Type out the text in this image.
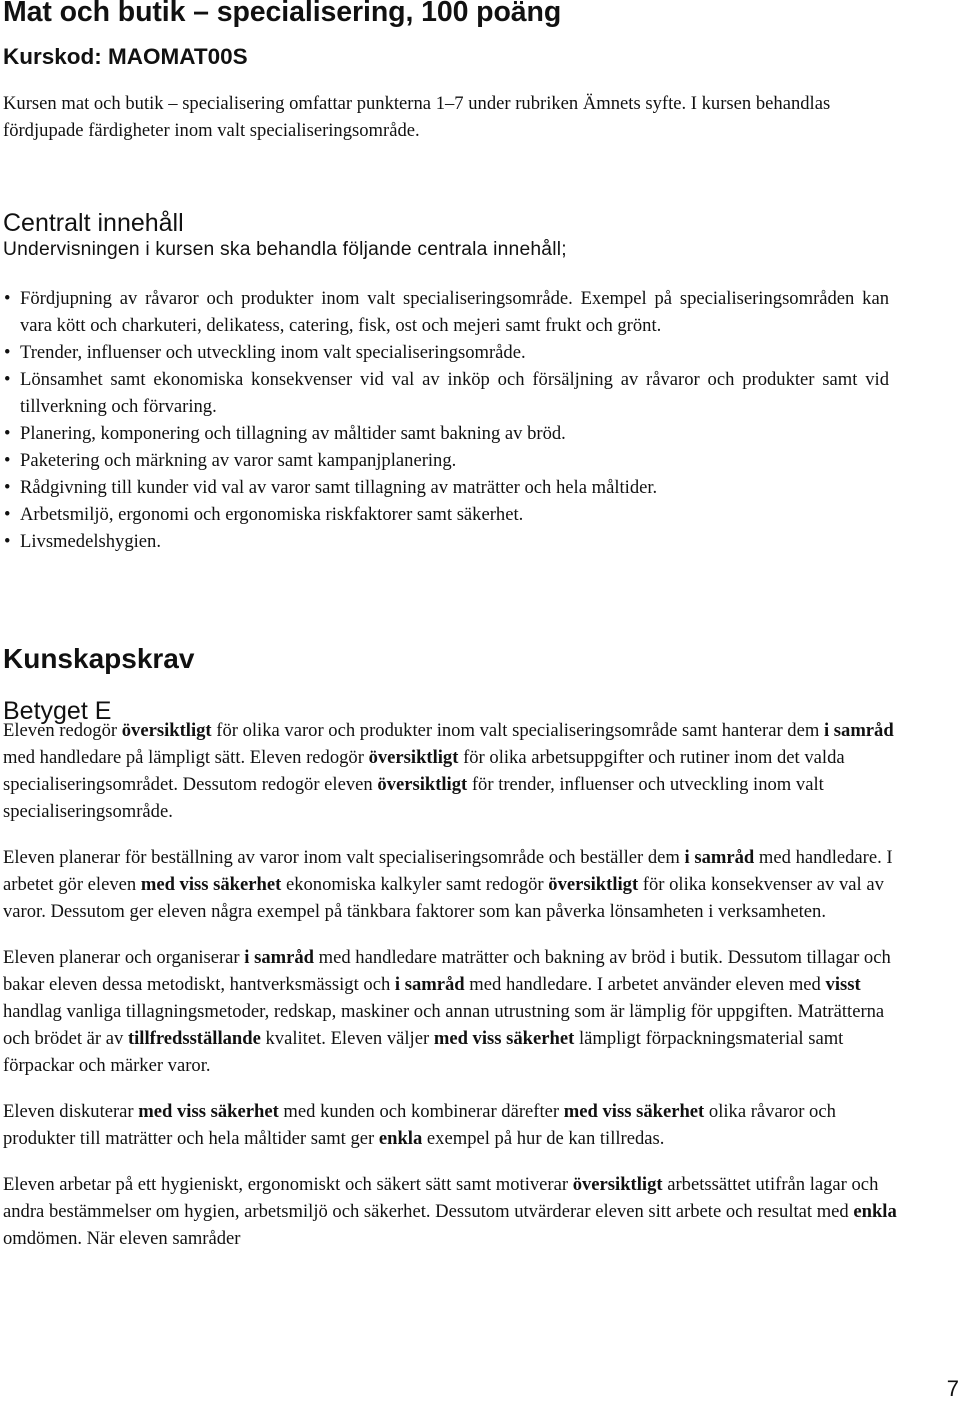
Mat och butik – specialisering, 100 poäng
Kurskod: MAOMAT00S
Kursen mat och butik – specialisering omfattar punkterna 1–7 under rubriken Ämnets syfte. I kursen behandlas fördjupade färdigheter inom valt specialiseringsområde.
Centralt innehåll
Undervisningen i kursen ska behandla följande centrala innehåll;
• Fördjupning av råvaror och produkter inom valt specialiseringsområde. Exempel på specialiseringsområden kan vara kött och charkuteri, delikatess, catering, fisk, ost och mejeri samt frukt och grönt.
• Trender, influenser och utveckling inom valt specialiseringsområde.
• Lönsamhet samt ekonomiska konsekvenser vid val av inköp och försäljning av råvaror och produkter samt vid tillverkning och förvaring.
• Planering, komponering och tillagning av måltider samt bakning av bröd.
• Paketering och märkning av varor samt kampanjplanering.
• Rådgivning till kunder vid val av varor samt tillagning av maträtter och hela måltider.
• Arbetsmiljö, ergonomi och ergonomiska riskfaktorer samt säkerhet.
• Livsmedelshygien.
Kunskapskrav
Betyget E

Eleven redogör översiktligt för olika varor och produkter inom valt specialiseringsområde samt hanterar dem i samråd med handledare på lämpligt sätt. Eleven redogör översiktligt för olika arbetsuppgifter och rutiner inom det valda specialiseringsområdet. Dessutom redogör eleven översiktligt för trender, influenser och utveckling inom valt specialiseringsområde.

Eleven planerar för beställning av varor inom valt specialiseringsområde och beställer dem i samråd med handledare. I arbetet gör eleven med viss säkerhet ekonomiska kalkyler samt redogör översiktligt för olika konsekvenser av val av varor. Dessutom ger eleven några exempel på tänkbara faktorer som kan påverka lönsamheten i verksamheten.

Eleven planerar och organiserar i samråd med handledare maträtter och bakning av bröd i butik. Dessutom tillagar och bakar eleven dessa metodiskt, hantverksmässigt och i samråd med handledare. I arbetet använder eleven med visst handlag vanliga tillagningsmetoder, redskap, maskiner och annan utrustning som är lämplig för uppgiften. Maträtterna och brödet är av tillfredsställande kvalitet. Eleven väljer med viss säkerhet lämpligt förpackningsmaterial samt förpackar och märker varor.

Eleven diskuterar med viss säkerhet med kunden och kombinerar därefter med viss säkerhet olika råvaror och produkter till maträtter och hela måltider samt ger enkla exempel på hur de kan tillredas.

Eleven arbetar på ett hygieniskt, ergonomiskt och säkert sätt samt motiverar översiktligt arbetssättet utifrån lagar och andra bestämmelser om hygien, arbetsmiljö och säkerhet. Dessutom utvärderar eleven sitt arbete och resultat med enkla omdömen. När eleven samråder

7
